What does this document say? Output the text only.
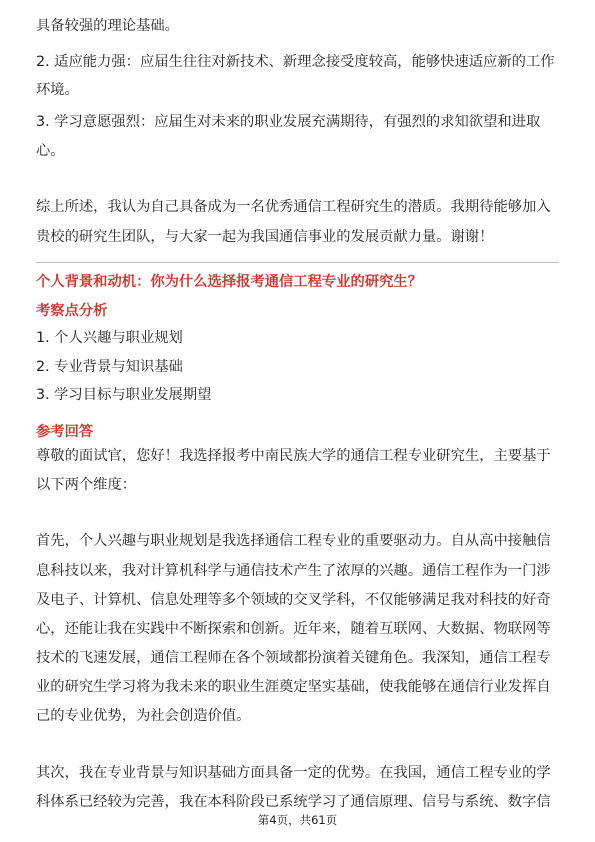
具备较强的理论基础。
2. 适应能力强：应届生往往对新技术、新理念接受度较高，能够快速适应新的工作
环境。
3. 学习意愿强烈：应届生对未来的职业发展充满期待，有强烈的求知欲望和进取
心。
综上所述，我认为自己具备成为一名优秀通信工程研究生的潜质。我期待能够加入
贵校的研究生团队，与大家一起为我国通信事业的发展贡献力量。谢谢！
个人背景和动机：你为什么选择报考通信工程专业的研究生？
考察点分析
1. 个人兴趣与职业规划
2. 专业背景与知识基础
3. 学习目标与职业发展期望
参考回答
尊敬的面试官，您好！我选择报考中南民族大学的通信工程专业研究生，主要基于
以下两个维度：
首先，个人兴趣与职业规划是我选择通信工程专业的重要驱动力。自从高中接触信
息科技以来，我对计算机科学与通信技术产生了浓厚的兴趣。通信工程作为一门涉
及电子、计算机、信息处理等多个领域的交叉学科，不仅能够满足我对科技的好奇
心，还能让我在实践中不断探索和创新。近年来，随着互联网、大数据、物联网等
技术的飞速发展，通信工程师在各个领域都扮演着关键角色。我深知，通信工程专
业的研究生学习将为我未来的职业生涯奠定坚实基础，使我能够在通信行业发挥自
己的专业优势，为社会创造价值。
其次，我在专业背景与知识基础方面具备一定的优势。在我国，通信工程专业的学
科体系已经较为完善，我在本科阶段已系统学习了通信原理、信号与系统、数字信
第4页，共61页
